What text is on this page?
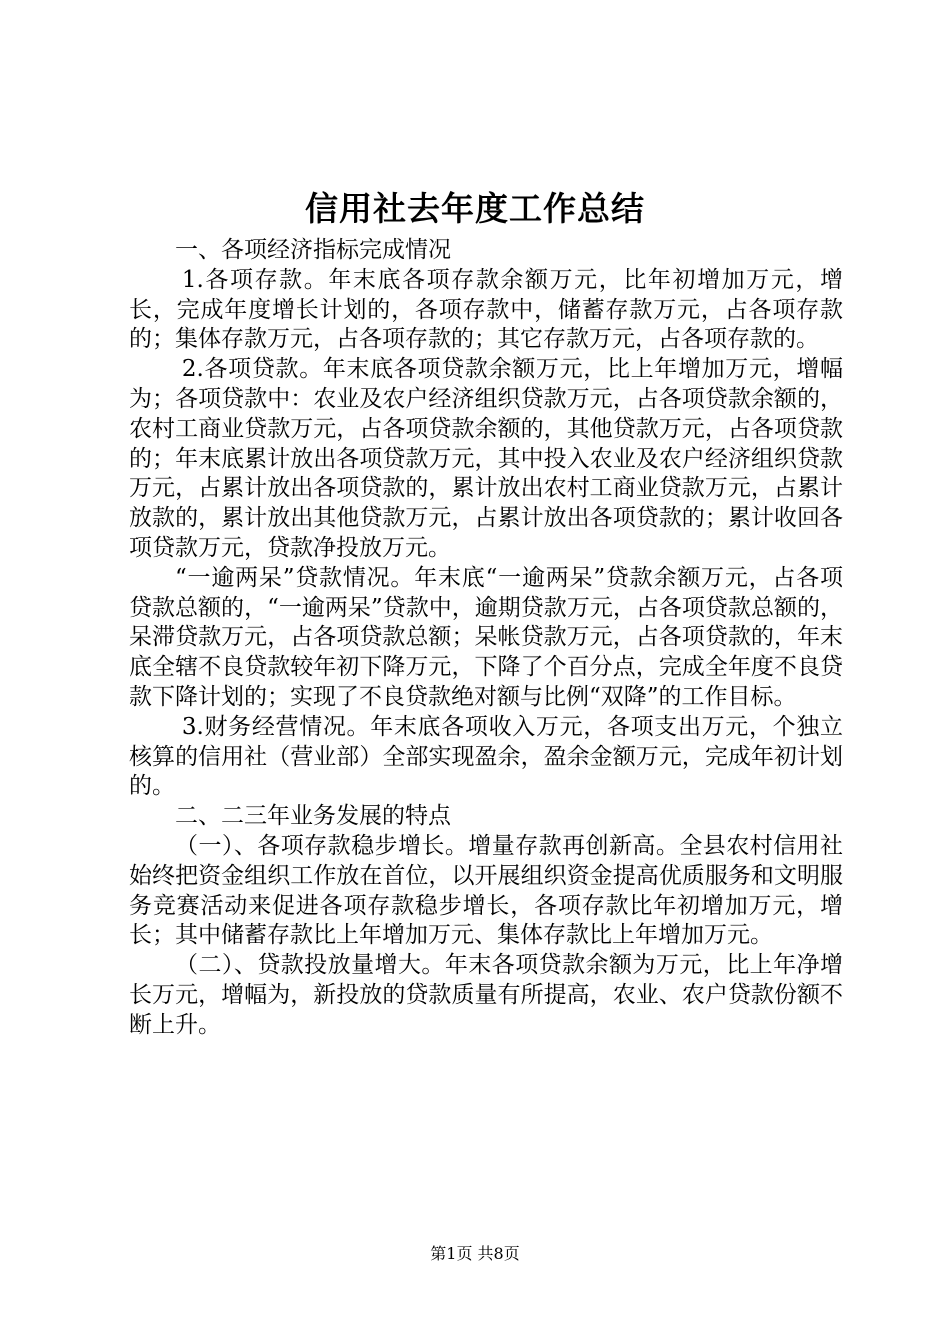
信用社去年度工作总结

一、各项经济指标完成情况

1.各项存款。年末底各项存款余额万元，比年初增加万元，增长，完成年度增长计划的，各项存款中，储蓄存款万元，占各项存款的；集体存款万元，占各项存款的；其它存款万元，占各项存款的。

2.各项贷款。年末底各项贷款余额万元，比上年增加万元，增幅为；各项贷款中：农业及农户经济组织贷款万元，占各项贷款余额的，农村工商业贷款万元，占各项贷款余额的，其他贷款万元，占各项贷款的；年末底累计放出各项贷款万元，其中投入农业及农户经济组织贷款万元，占累计放出各项贷款的，累计放出农村工商业贷款万元，占累计放款的，累计放出其他贷款万元，占累计放出各项贷款的；累计收回各项贷款万元，贷款净投放万元。

“一逾两呆”贷款情况。年末底“一逾两呆”贷款余额万元，占各项贷款总额的，“一逾两呆”贷款中，逾期贷款万元，占各项贷款总额的，呆滞贷款万元，占各项贷款总额；呆帐贷款万元，占各项贷款的，年末底全辖不良贷款较年初下降万元，下降了个百分点，完成全年度不良贷款下降计划的；实现了不良贷款绝对额与比例“双降”的工作目标。

3.财务经营情况。年末底各项收入万元，各项支出万元，个独立核算的信用社（营业部）全部实现盈余，盈余金额万元，完成年初计划的。

二、二三年业务发展的特点

（一）、各项存款稳步增长。增量存款再创新高。全县农村信用社始终把资金组织工作放在首位，以开展组织资金提高优质服务和文明服务竞赛活动来促进各项存款稳步增长，各项存款比年初增加万元，增长；其中储蓄存款比上年增加万元、集体存款比上年增加万元。

（二）、贷款投放量增大。年末各项贷款余额为万元，比上年净增长万元，增幅为，新投放的贷款质量有所提高，农业、农户贷款份额不断上升。

第1页 共8页
